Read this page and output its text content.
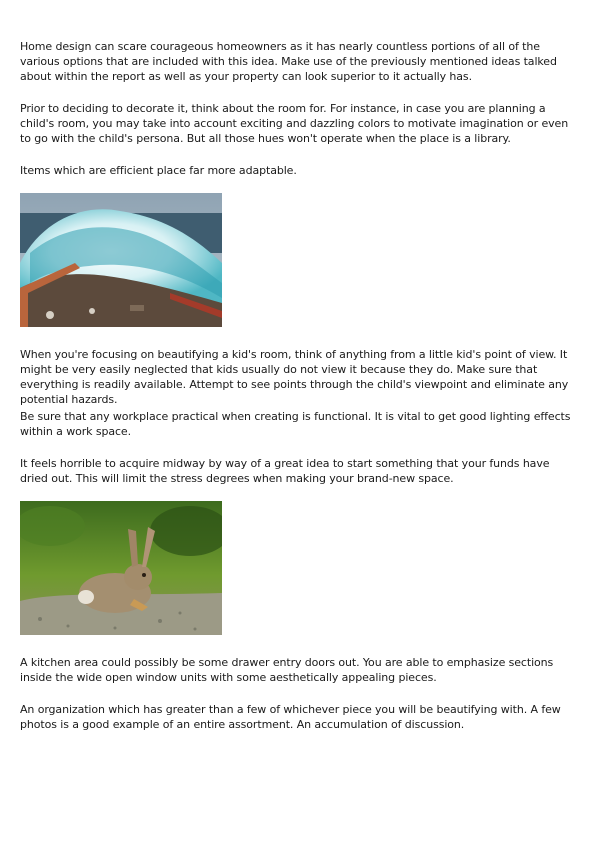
Home design can scare courageous homeowners as it has nearly countless portions of all of the various options that are included with this idea. Make use of the previously mentioned ideas talked about within the report as well as your property can look superior to it actually has.

Prior to deciding to decorate it, think about the room for. For instance, in case you are planning a child's room, you may take into account exciting and dazzling colors to motivate imagination or even to go with the child's persona. But all those hues won't operate when the place is a library.

Items which are efficient place far more adaptable.

When you're focusing on beautifying a kid's room, think of anything from a little kid's point of view. It might be very easily neglected that kids usually do not view it because they do. Make sure that everything is readily available. Attempt to see points through the child's viewpoint and eliminate any potential hazards.

Be sure that any workplace practical when creating is functional. It is vital to get good lighting effects within a work space.

It feels horrible to acquire midway by way of a great idea to start something that your funds have dried out. This will limit the stress degrees when making your brand-new space.

A kitchen area could possibly be some drawer entry doors out. You are able to emphasize sections inside the wide open window units with some aesthetically appealing pieces.

An organization which has greater than a few of whichever piece you will be beautifying with. A few photos is a good example of an entire assortment. An accumulation of discussion.
